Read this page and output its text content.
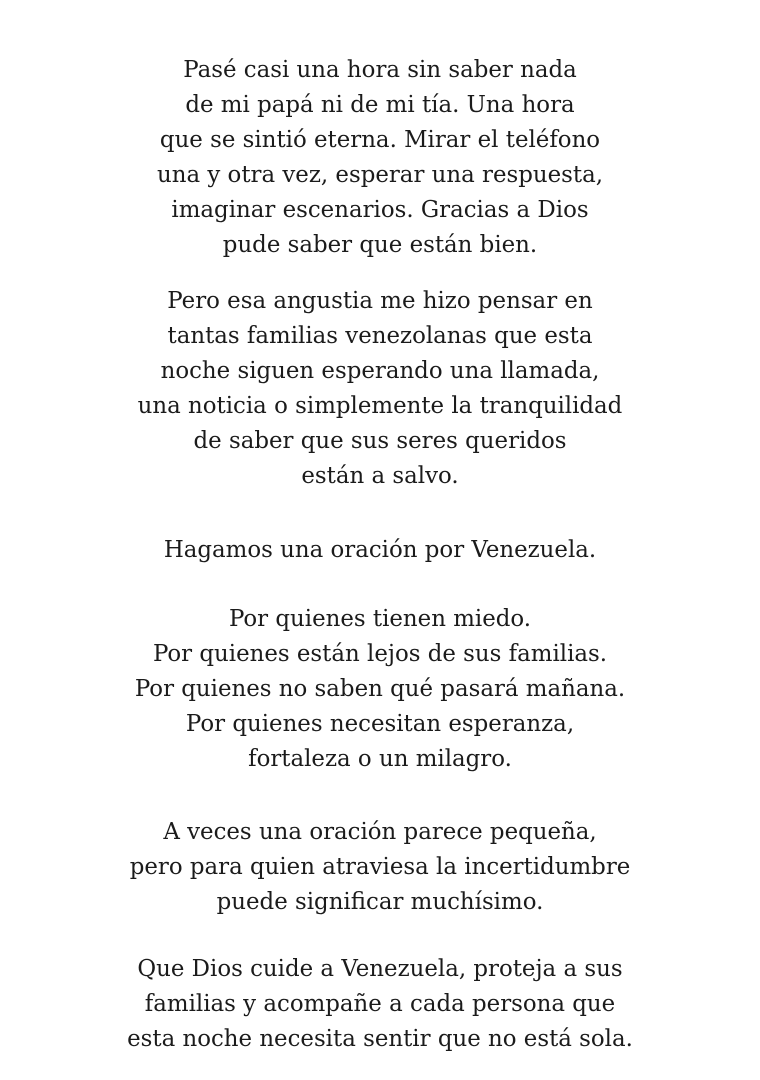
Pasé casi una hora sin saber nada
de mi papá ni de mi tía. Una hora
que se sintió eterna. Mirar el teléfono
una y otra vez, esperar una respuesta,
imaginar escenarios. Gracias a Dios
pude saber que están bien.

Pero esa angustia me hizo pensar en
tantas familias venezolanas que esta
noche siguen esperando una llamada,
una noticia o simplemente la tranquilidad
de saber que sus seres queridos
están a salvo.

Hagamos una oración por Venezuela.

Por quienes tienen miedo.
Por quienes están lejos de sus familias.
Por quienes no saben qué pasará mañana.
Por quienes necesitan esperanza,
fortaleza o un milagro.

A veces una oración parece pequeña,
pero para quien atraviesa la incertidumbre
puede significar muchísimo.

Que Dios cuide a Venezuela, proteja a sus
familias y acompañe a cada persona que
esta noche necesita sentir que no está sola.
